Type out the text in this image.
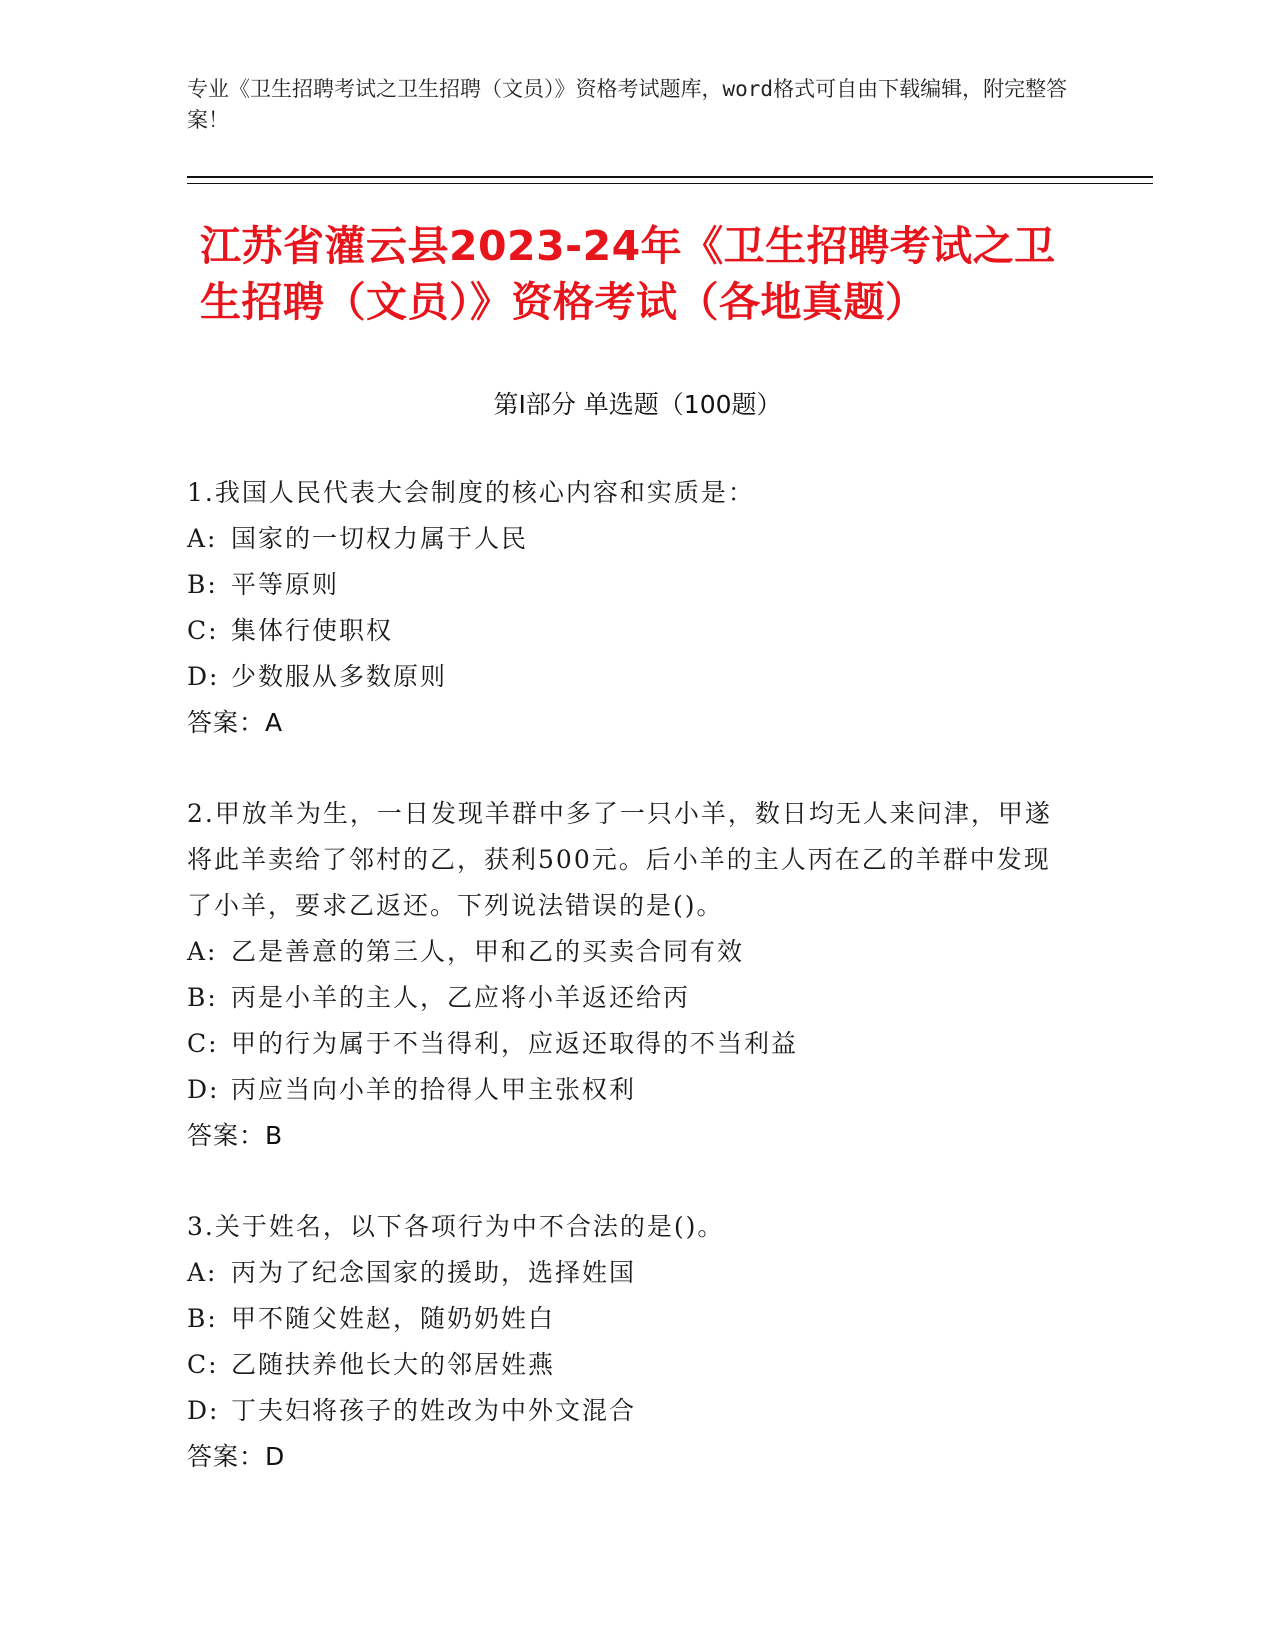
专业《卫生招聘考试之卫生招聘（文员）》资格考试题库，word格式可自由下载编辑，附完整答案！
江苏省灌云县2023-24年《卫生招聘考试之卫生招聘（文员）》资格考试（各地真题）
第Ⅰ部分 单选题（100题）
1.我国人民代表大会制度的核心内容和实质是：
A: 国家的一切权力属于人民
B: 平等原则
C: 集体行使职权
D: 少数服从多数原则
答案：A
2.甲放羊为生，一日发现羊群中多了一只小羊，数日均无人来问津，甲遂将此羊卖给了邻村的乙，获利500元。后小羊的主人丙在乙的羊群中发现了小羊，要求乙返还。下列说法错误的是()。
A: 乙是善意的第三人，甲和乙的买卖合同有效
B: 丙是小羊的主人，乙应将小羊返还给丙
C: 甲的行为属于不当得利，应返还取得的不当利益
D: 丙应当向小羊的拾得人甲主张权利
答案：B
3.关于姓名，以下各项行为中不合法的是()。
A: 丙为了纪念国家的援助，选择姓国
B: 甲不随父姓赵，随奶奶姓白
C: 乙随扶养他长大的邻居姓燕
D: 丁夫妇将孩子的姓改为中外文混合
答案：D
